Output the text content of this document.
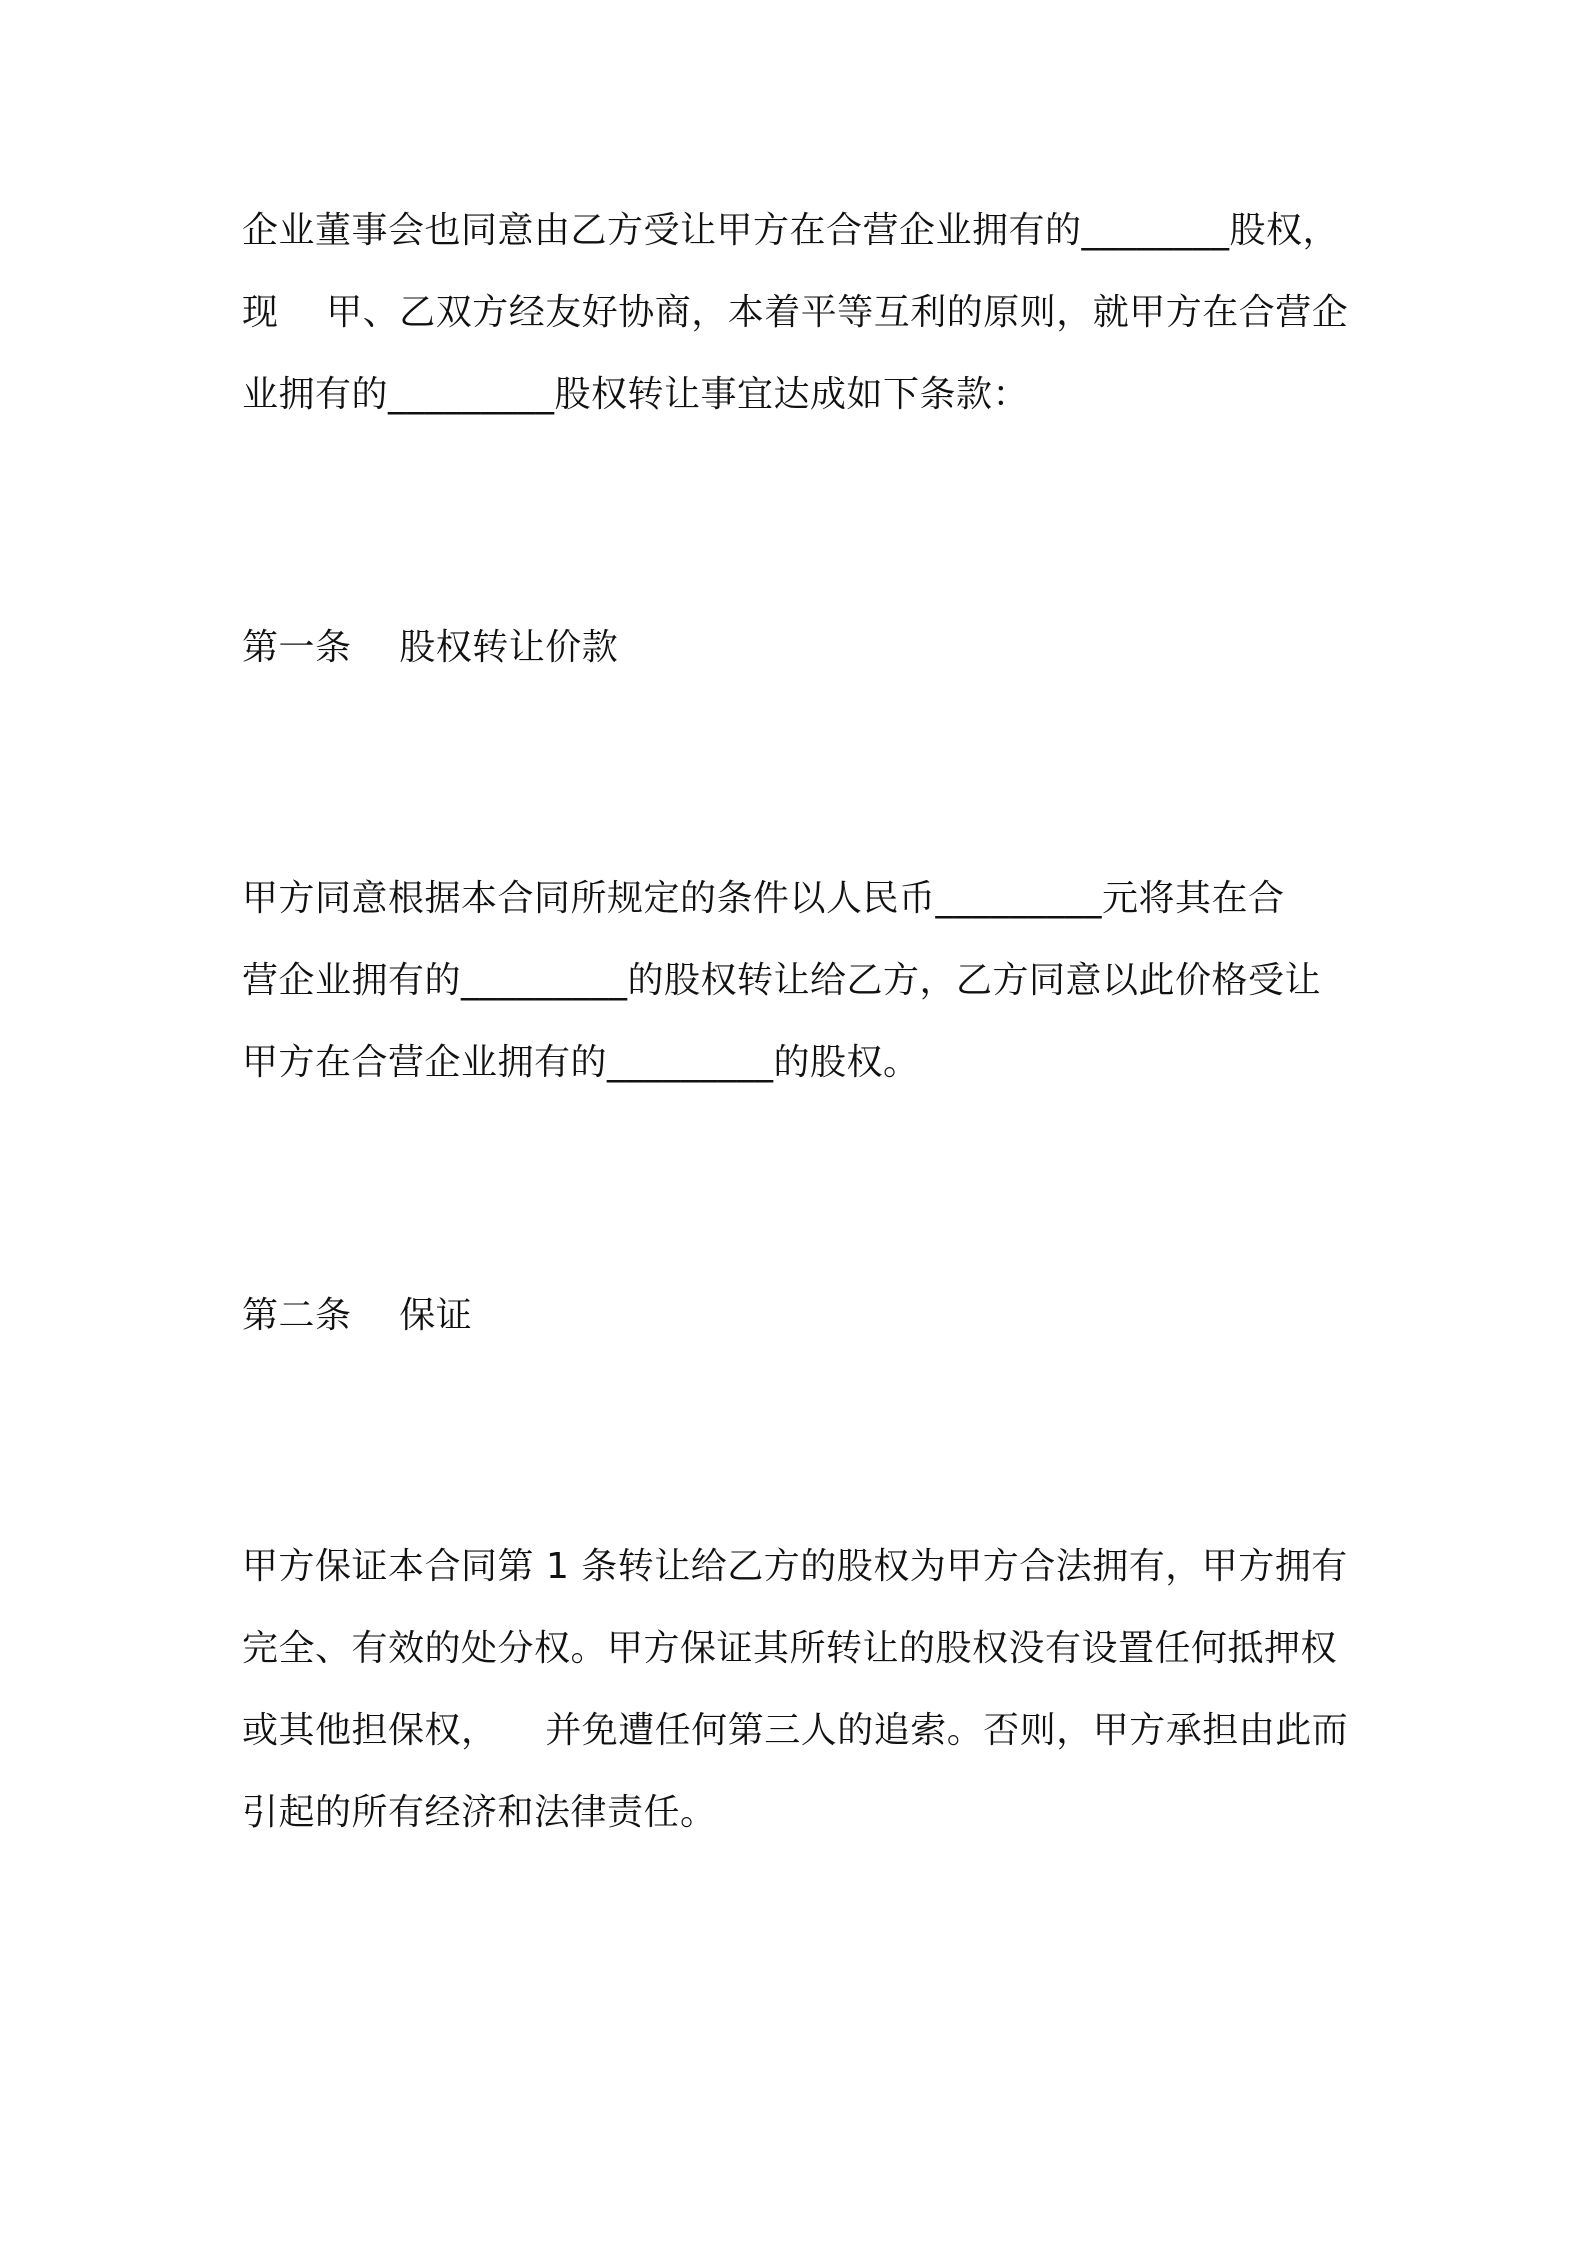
企业董事会也同意由乙方受让甲方在合营企业拥有的________股权，
现    甲、乙双方经友好协商，本着平等互利的原则，就甲方在合营企
业拥有的_________股权转让事宜达成如下条款：
第一条    股权转让价款
甲方同意根据本合同所规定的条件以人民币_________元将其在合
营企业拥有的_________的股权转让给乙方，乙方同意以此价格受让
甲方在合营企业拥有的_________的股权。
第二条    保证
甲方保证本合同第 1 条转让给乙方的股权为甲方合法拥有，甲方拥有
完全、有效的处分权。甲方保证其所转让的股权没有设置任何抵押权
或其他担保权，    并免遭任何第三人的追索。否则，甲方承担由此而
引起的所有经济和法律责任。
